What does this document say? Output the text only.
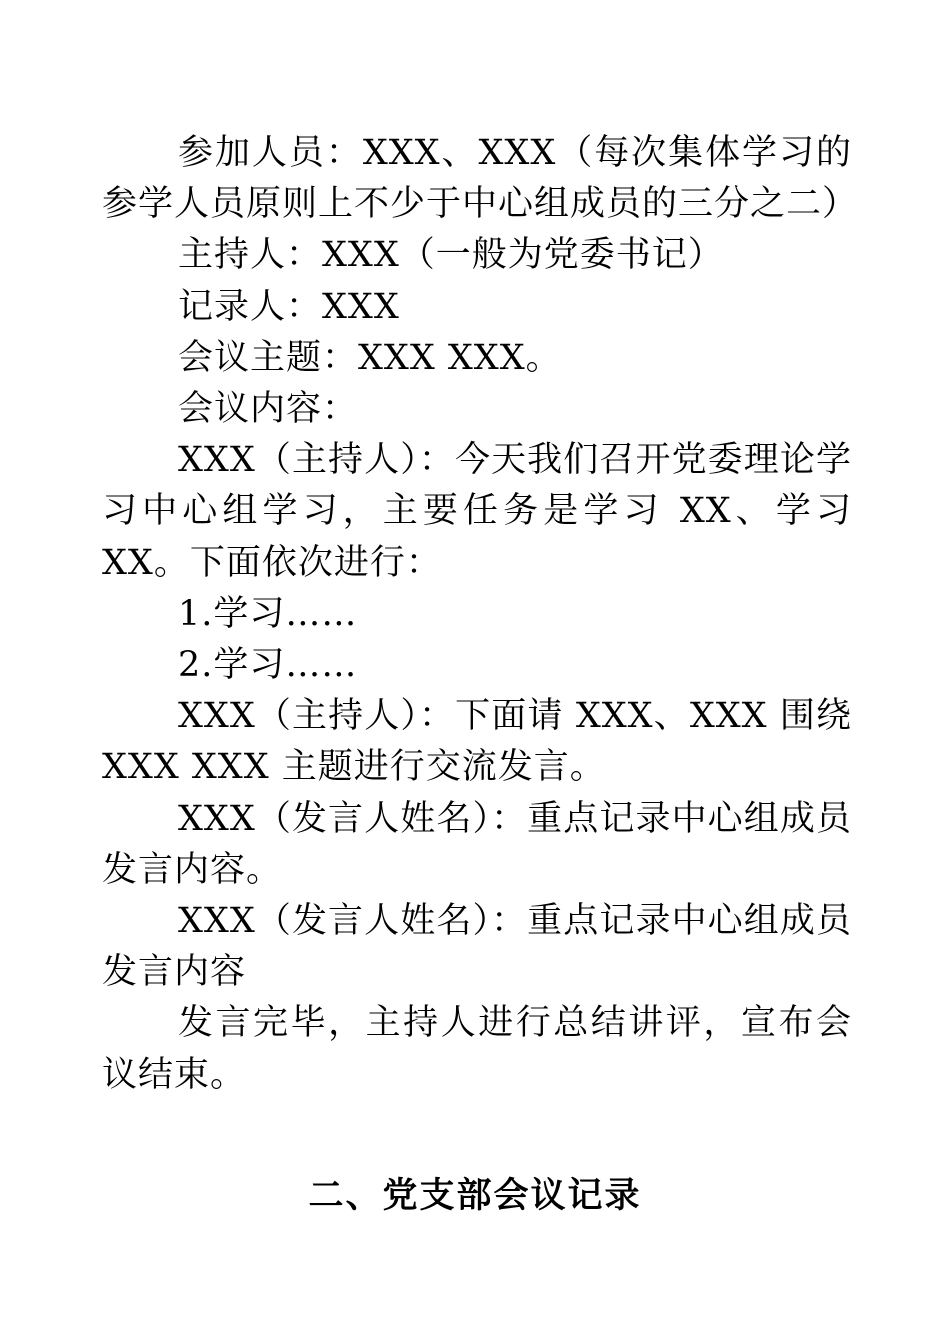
参加人员：XXX、XXX（每次集体学习的参学人员原则上不少于中心组成员的三分之二）

主持人：XXX（一般为党委书记）

记录人：XXX

会议主题：XXX XXX。

会议内容：

XXX（主持人）：今天我们召开党委理论学习中心组学习，主要任务是学习 XX、学习 XX。下面依次进行：

1.学习……

2.学习……

XXX（主持人）：下面请 XXX、XXX 围绕 XXX XXX 主题进行交流发言。

XXX（发言人姓名）：重点记录中心组成员发言内容。

XXX（发言人姓名）：重点记录中心组成员发言内容

发言完毕，主持人进行总结讲评，宣布会议结束。

二、党支部会议记录
